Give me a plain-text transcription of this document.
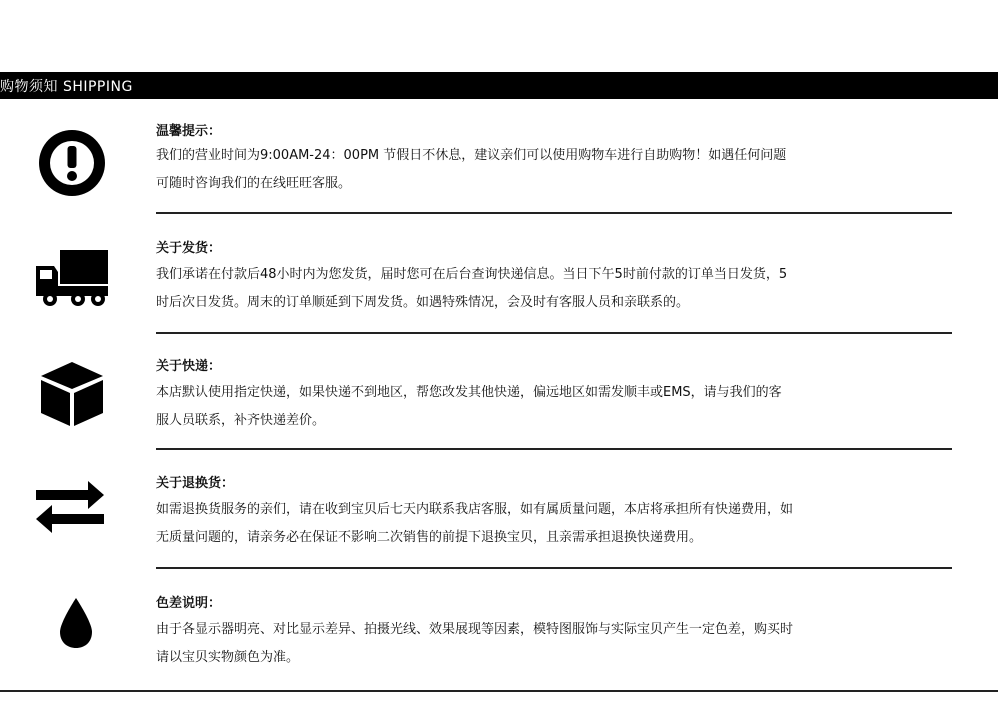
购物须知 SHIPPING
温馨提示：
我们的营业时间为9:00AM-24：00PM 节假日不休息，建议亲们可以使用购物车进行自助购物！如遇任何问题
可随时咨询我们的在线旺旺客服。
关于发货：
我们承诺在付款后48小时内为您发货，届时您可在后台查询快递信息。当日下午5时前付款的订单当日发货，5
时后次日发货。周末的订单顺延到下周发货。如遇特殊情况，会及时有客服人员和亲联系的。
关于快递：
本店默认使用指定快递，如果快递不到地区，帮您改发其他快递，偏远地区如需发顺丰或EMS，请与我们的客
服人员联系，补齐快递差价。
关于退换货：
如需退换货服务的亲们，请在收到宝贝后七天内联系我店客服，如有属质量问题，本店将承担所有快递费用，如
无质量问题的，请亲务必在保证不影响二次销售的前提下退换宝贝，且亲需承担退换快递费用。
色差说明：
由于各显示器明亮、对比显示差异、拍摄光线、效果展现等因素，模特图服饰与实际宝贝产生一定色差，购买时
请以宝贝实物颜色为准。
